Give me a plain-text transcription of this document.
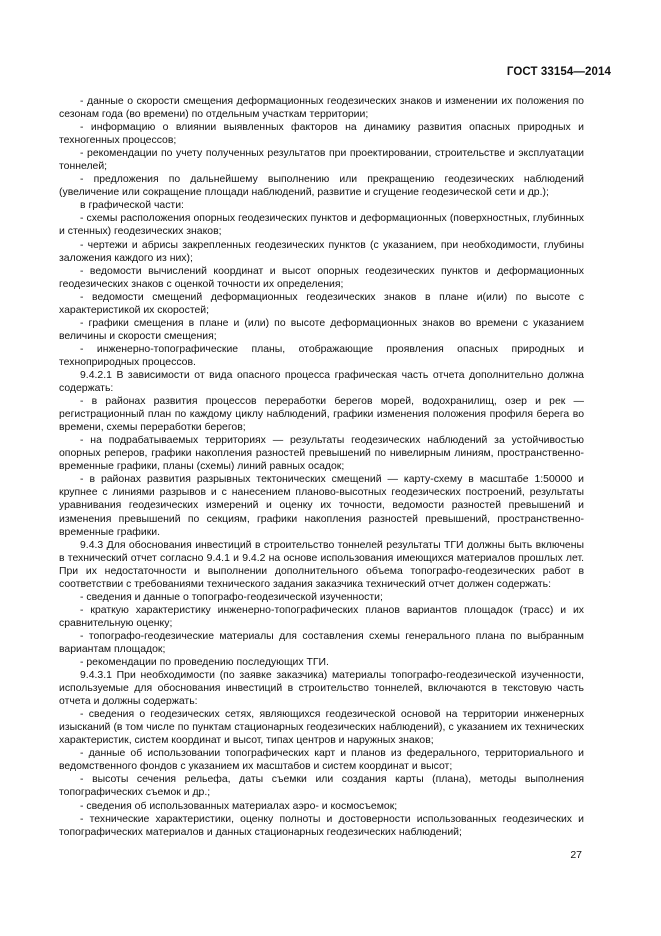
ГОСТ 33154—2014

- данные о скорости смещения деформационных геодезических знаков и изменении их положения по сезонам года (во времени) по отдельным участкам территории;

- информацию о влиянии выявленных факторов на динамику развития опасных природных и техногенных процессов;

- рекомендации по учету полученных результатов при проектировании, строительстве и эксплуатации тоннелей;

- предложения по дальнейшему выполнению или прекращению геодезических наблюдений (увеличение или сокращение площади наблюдений, развитие и сгущение геодезической сети и др.);

в графической части:

- схемы расположения опорных геодезических пунктов и деформационных (поверхностных, глубинных и стенных) геодезических знаков;

- чертежи и абрисы закрепленных геодезических пунктов (с указанием, при необходимости, глубины заложения каждого из них);

- ведомости вычислений координат и высот опорных геодезических пунктов и деформационных геодезических знаков с оценкой точности их определения;

- ведомости смещений деформационных геодезических знаков в плане и(или) по высоте с характеристикой их скоростей;

- графики смещения в плане и (или) по высоте деформационных знаков во времени с указанием величины и скорости смещения;

- инженерно-топографические планы, отображающие проявления опасных природных и техноприродных процессов.

9.4.2.1 В зависимости от вида опасного процесса графическая часть отчета дополнительно должна содержать:

- в районах развития процессов переработки берегов морей, водохранилищ, озер и рек — регистрационный план по каждому циклу наблюдений, графики изменения положения профиля берега во времени, схемы переработки берегов;

- на подрабатываемых территориях — результаты геодезических наблюдений за устойчивостью опорных реперов, графики накопления разностей превышений по нивелирным линиям, пространственно-временные графики, планы (схемы) линий равных осадок;

- в районах развития разрывных тектонических смещений — карту-схему в масштабе 1:50000 и крупнее с линиями разрывов и с нанесением планово-высотных геодезических построений, результаты уравнивания геодезических измерений и оценку их точности, ведомости разностей превышений и изменения превышений по секциям, графики накопления разностей превышений, пространственно-временные графики.

9.4.3 Для обоснования инвестиций в строительство тоннелей результаты ТГИ должны быть включены в технический отчет согласно 9.4.1 и 9.4.2 на основе использования имеющихся материалов прошлых лет. При их недостаточности и выполнении дополнительного объема топографо-геодезических работ в соответствии с требованиями технического задания заказчика технический отчет должен содержать:

- сведения и данные о топографо-геодезической изученности;

- краткую характеристику инженерно-топографических планов вариантов площадок (трасс) и их сравнительную оценку;

- топографо-геодезические материалы для составления схемы генерального плана по выбранным вариантам площадок;

- рекомендации по проведению последующих ТГИ.

9.4.3.1 При необходимости (по заявке заказчика) материалы топографо-геодезической изученности, используемые для обоснования инвестиций в строительство тоннелей, включаются в текстовую часть отчета и должны содержать:

- сведения о геодезических сетях, являющихся геодезической основой на территории инженерных изысканий (в том числе по пунктам стационарных геодезических наблюдений), с указанием их технических характеристик, систем координат и высот, типах центров и наружных знаков;

- данные об использовании топографических карт и планов из федерального, территориального и ведомственного фондов с указанием их масштабов и систем координат и высот;

- высоты сечения рельефа, даты съемки или создания карты (плана), методы выполнения топографических съемок и др.;

- сведения об использованных материалах аэро- и космосъемок;

- технические характеристики, оценку полноты и достоверности использованных геодезических и топографических материалов и данных стационарных геодезических наблюдений;

27
